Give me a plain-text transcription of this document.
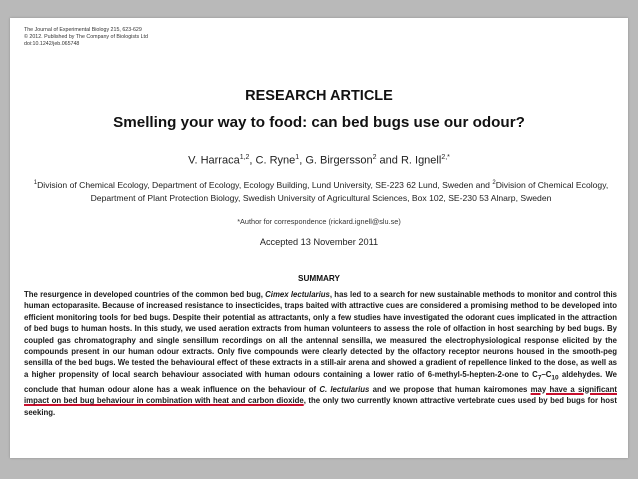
The Journal of Experimental Biology 215, 623-629
© 2012. Published by The Company of Biologists Ltd
doi:10.1242/jeb.065748
RESEARCH ARTICLE
Smelling your way to food: can bed bugs use our odour?
V. Harraca$^{1,2}$, C. Ryne$^1$, G. Birgersson$^2$ and R. Ignell$^{2,*}$
$^1$Division of Chemical Ecology, Department of Ecology, Ecology Building, Lund University, SE-223 62 Lund, Sweden and $^2$Division of Chemical Ecology, Department of Plant Protection Biology, Swedish University of Agricultural Sciences, Box 102, SE-230 53 Alnarp, Sweden
*Author for correspondence (rickard.ignell@slu.se)
Accepted 13 November 2011
SUMMARY
The resurgence in developed countries of the common bed bug, Cimex lectularius, has led to a search for new sustainable methods to monitor and control this human ectoparasite. Because of increased resistance to insecticides, traps baited with attractive cues are considered a promising method to be developed into efficient monitoring tools for bed bugs. Despite their potential as attractants, only a few studies have investigated the odorant cues implicated in the attraction of bed bugs to human hosts. In this study, we used aeration extracts from human volunteers to assess the role of olfaction in host searching by bed bugs. By coupled gas chromatography and single sensillum recordings on all the antennal sensilla, we measured the electrophysiological response elicited by the compounds present in our human odour extracts. Only five compounds were clearly detected by the olfactory receptor neurons housed in the smooth-peg sensilla of the bed bugs. We tested the behavioural effect of these extracts in a still-air arena and showed a gradient of repellence linked to the dose, as well as a higher propensity of local search behaviour associated with human odours containing a lower ratio of 6-methyl-5-hepten-2-one to $C_7-C_{10}$ aldehydes. We conclude that human odour alone has a weak influence on the behaviour of C. lectularius and we propose that human kairomones may have a significant impact on bed bug behaviour in combination with heat and carbon dioxide, the only two currently known attractive vertebrate cues used by bed bugs for host seeking.
